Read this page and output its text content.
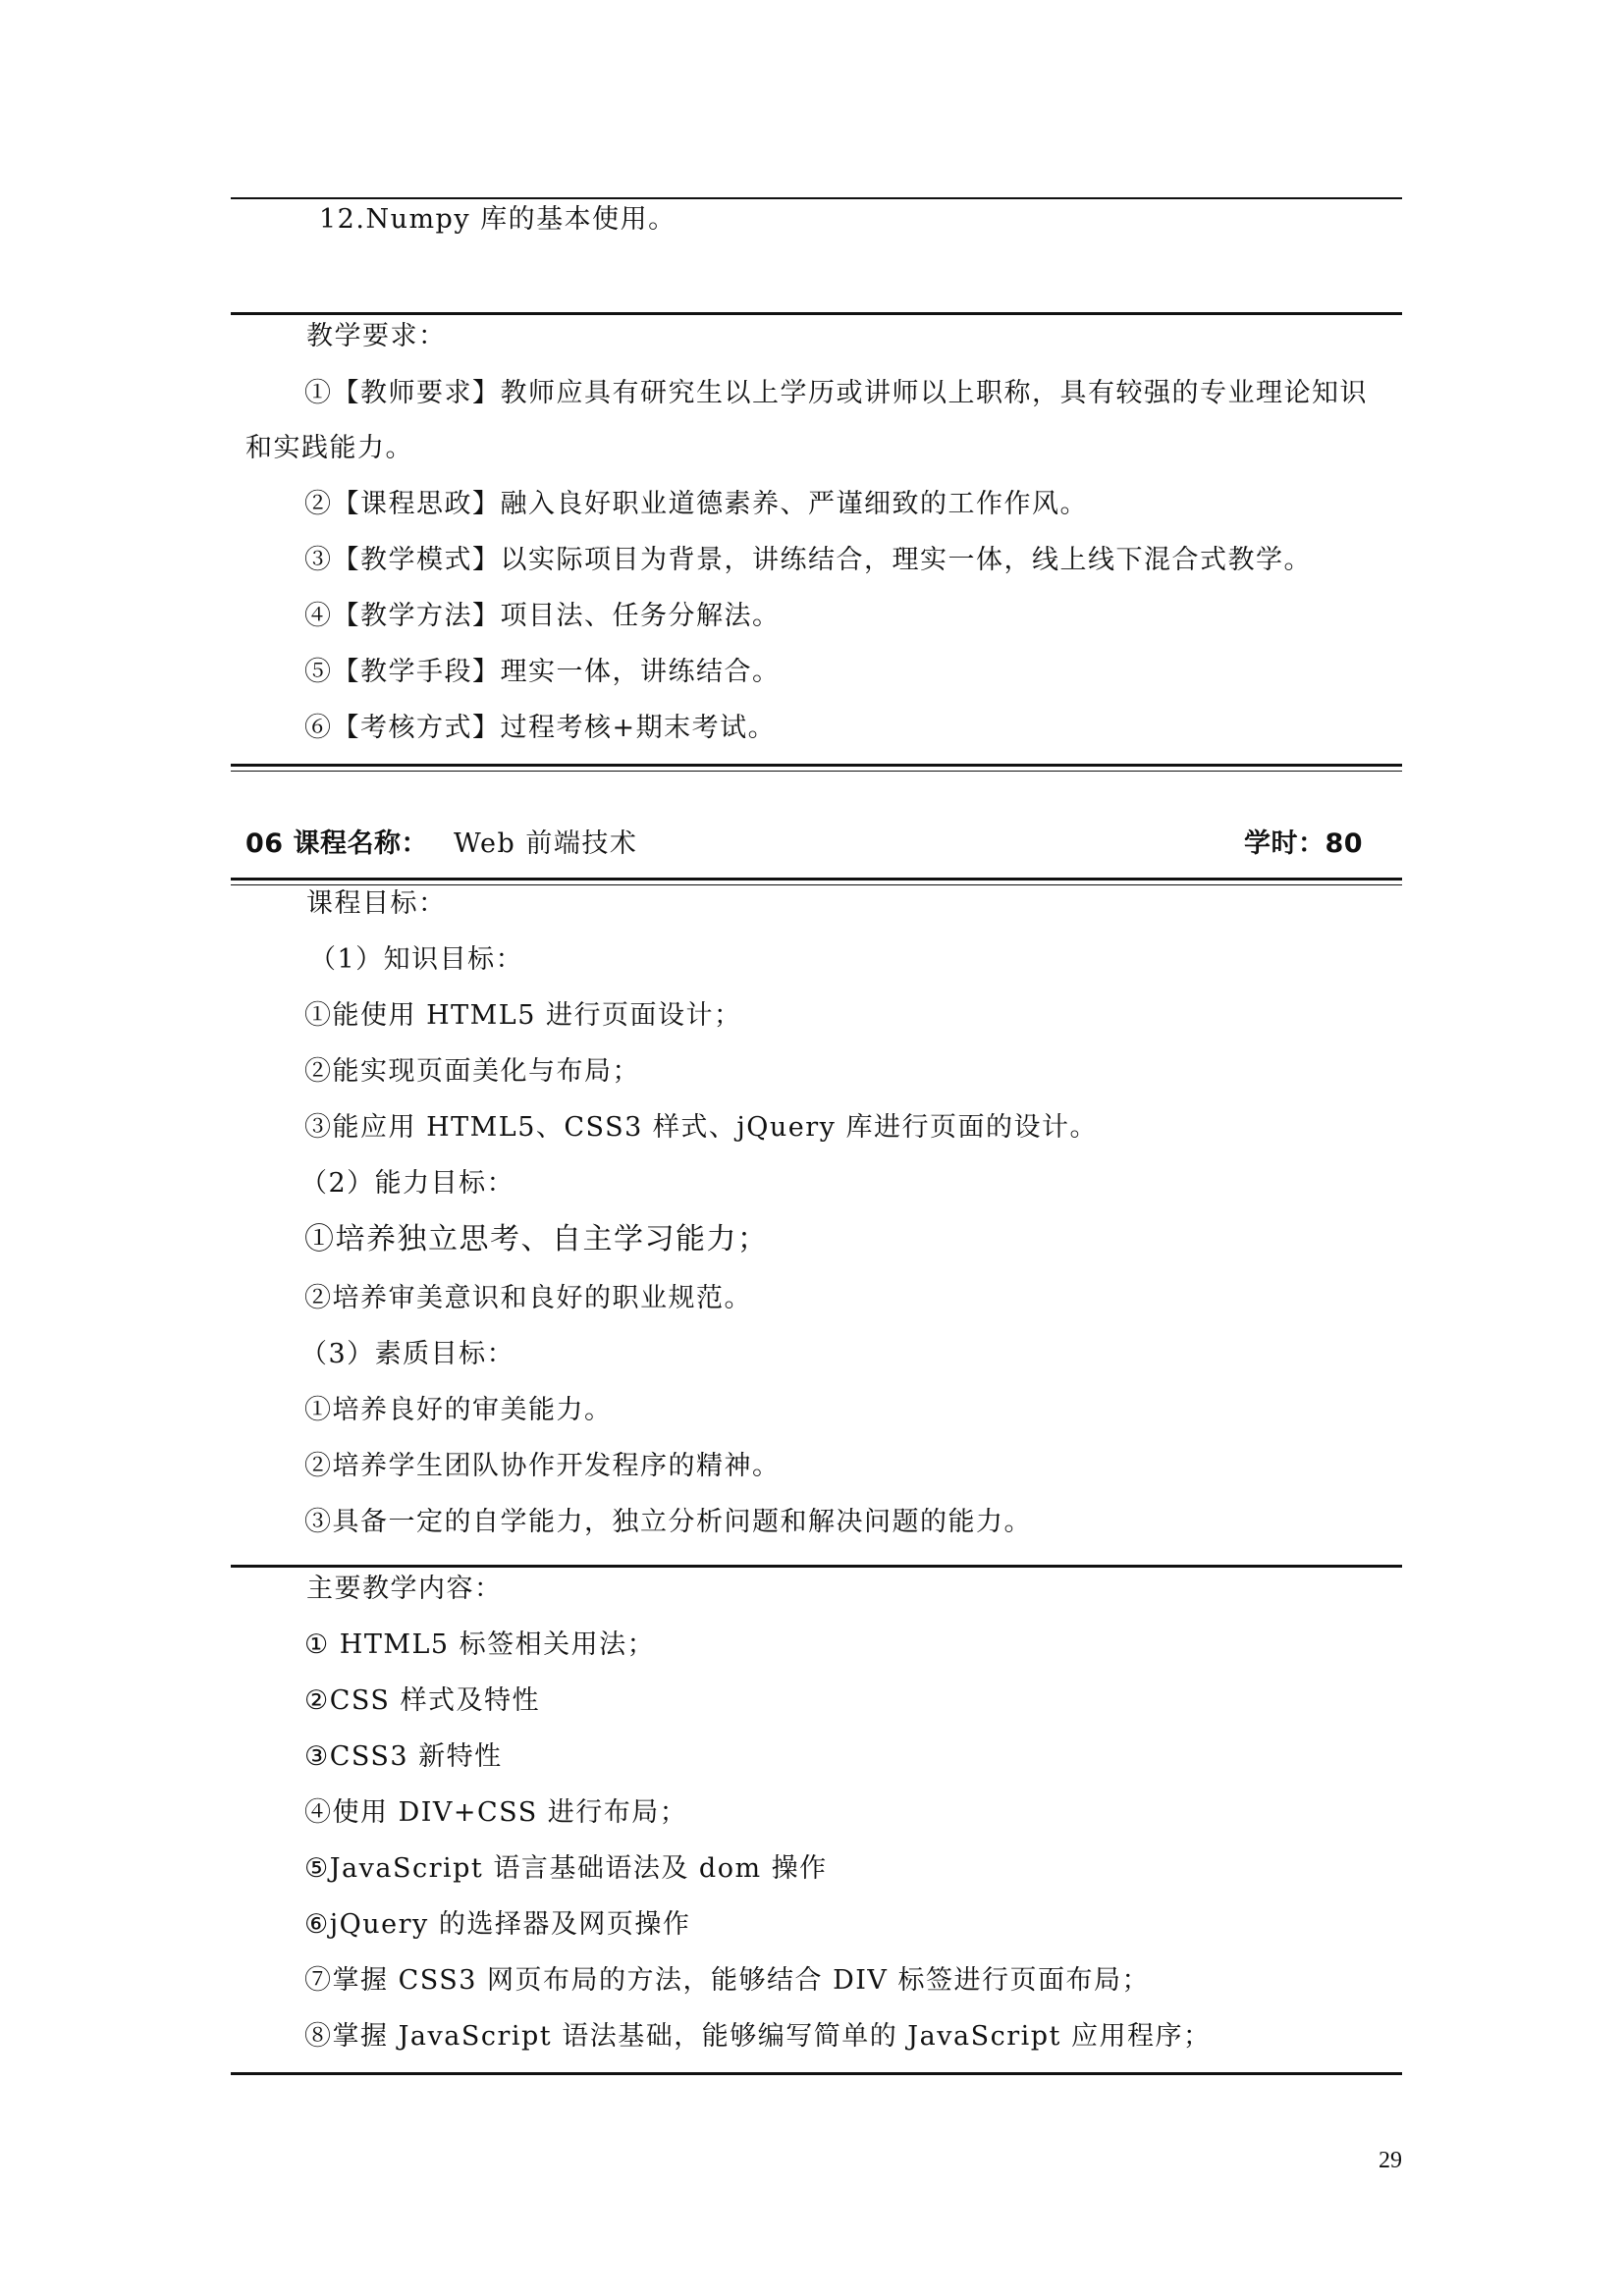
12.Numpy 库的基本使用。
教学要求：
①【教师要求】教师应具有研究生以上学历或讲师以上职称，具有较强的专业理论知识
和实践能力。
②【课程思政】融入良好职业道德素养、严谨细致的工作作风。
③【教学模式】以实际项目为背景，讲练结合，理实一体，线上线下混合式教学。
④【教学方法】项目法、任务分解法。
⑤【教学手段】理实一体，讲练结合。
⑥【考核方式】过程考核+期末考试。
06 课程名称： Web 前端技术	学时：80
课程目标：
（1）知识目标：
①能使用 HTML5 进行页面设计；
②能实现页面美化与布局；
③能应用 HTML5、CSS3 样式、jQuery 库进行页面的设计。
（2）能力目标：
①培养独立思考、自主学习能力；
②培养审美意识和良好的职业规范。
（3）素质目标：
①培养良好的审美能力。
②培养学生团队协作开发程序的精神。
③具备一定的自学能力，独立分析问题和解决问题的能力。
主要教学内容：
① HTML5 标签相关用法；
②CSS 样式及特性
③CSS3 新特性
④使用 DIV+CSS 进行布局；
⑤JavaScript 语言基础语法及 dom 操作
⑥jQuery 的选择器及网页操作
⑦掌握 CSS3 网页布局的方法，能够结合 DIV 标签进行页面布局；
⑧掌握 JavaScript 语法基础，能够编写简单的 JavaScript 应用程序；
29
